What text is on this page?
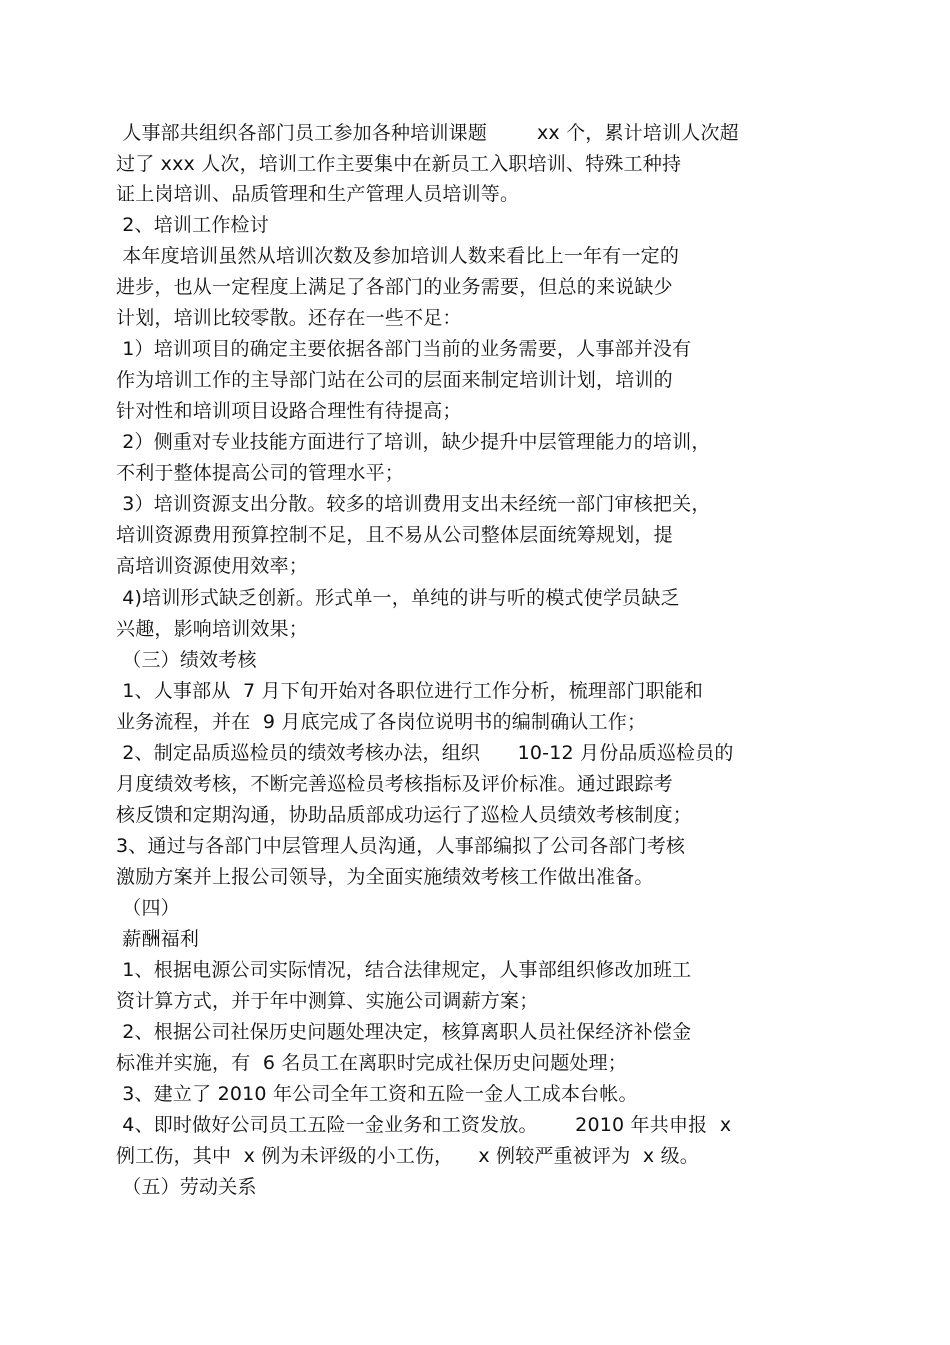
人事部共组织各部门员工参加各种培训课题        xx 个，累计培训人次超
过了 xxx 人次，培训工作主要集中在新员工入职培训、特殊工种持
证上岗培训、品质管理和生产管理人员培训等。
2、培训工作检讨
本年度培训虽然从培训次数及参加培训人数来看比上一年有一定的
进步，也从一定程度上满足了各部门的业务需要，但总的来说缺少
计划，培训比较零散。还存在一些不足：
1）培训项目的确定主要依据各部门当前的业务需要，人事部并没有
作为培训工作的主导部门站在公司的层面来制定培训计划，培训的
针对性和培训项目设路合理性有待提高；
2）侧重对专业技能方面进行了培训，缺少提升中层管理能力的培训，
不利于整体提高公司的管理水平；
3）培训资源支出分散。较多的培训费用支出未经统一部门审核把关，
培训资源费用预算控制不足，且不易从公司整体层面统筹规划，提
高培训资源使用效率；
4)培训形式缺乏创新。形式单一，单纯的讲与听的模式使学员缺乏
兴趣，影响培训效果；
（三）绩效考核
1、人事部从  7 月下旬开始对各职位进行工作分析，梳理部门职能和
业务流程，并在  9 月底完成了各岗位说明书的编制确认工作；
2、制定品质巡检员的绩效考核办法，组织      10-12 月份品质巡检员的
月度绩效考核，不断完善巡检员考核指标及评价标准。通过跟踪考
核反馈和定期沟通，协助品质部成功运行了巡检人员绩效考核制度；
3、通过与各部门中层管理人员沟通，人事部编拟了公司各部门考核
激励方案并上报公司领导，为全面实施绩效考核工作做出准备。
（四）
薪酬福利
1、根据电源公司实际情况，结合法律规定，人事部组织修改加班工
资计算方式，并于年中测算、实施公司调薪方案；
2、根据公司社保历史问题处理决定，核算离职人员社保经济补偿金
标准并实施，有  6 名员工在离职时完成社保历史问题处理；
3、建立了 2010 年公司全年工资和五险一金人工成本台帐。
4、即时做好公司员工五险一金业务和工资发放。      2010 年共申报  x
例工伤，其中  x 例为未评级的小工伤，    x 例较严重被评为  x 级。
（五）劳动关系
